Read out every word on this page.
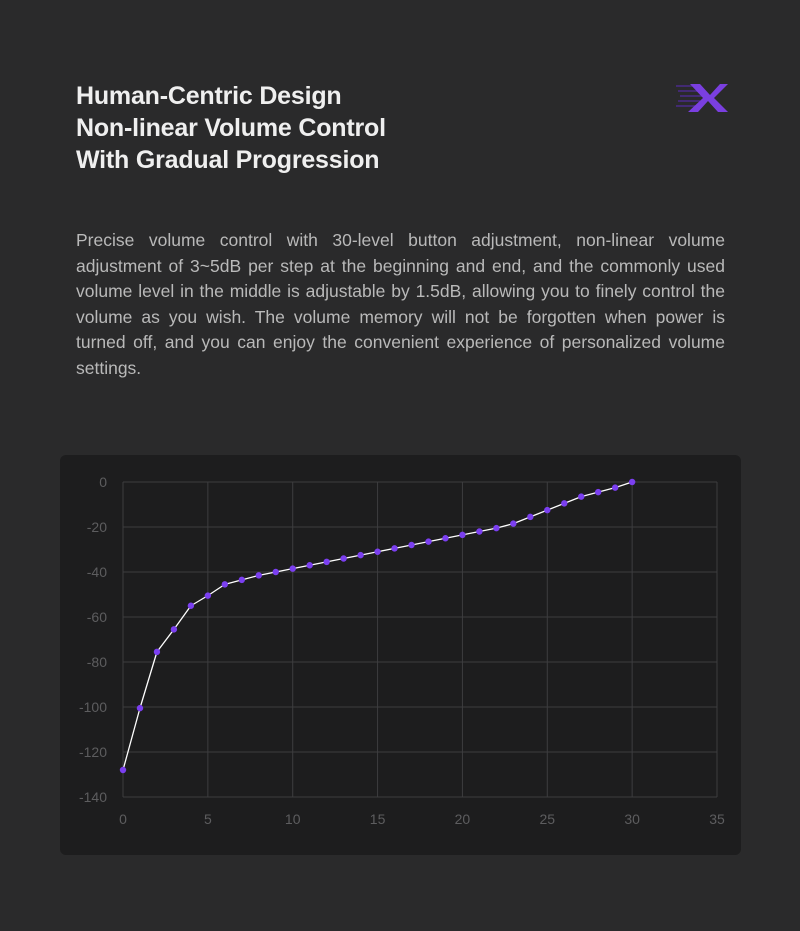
Human-Centric Design
Non-linear Volume Control
With Gradual Progression
Precise volume control with 30-level button adjustment, non-linear volume adjustment of 3~5dB per step at the beginning and end, and the commonly used volume level in the middle is adjustable by 1.5dB, allowing you to finely control the volume as you wish. The volume memory will not be forgotten when power is turned off, and you can enjoy the convenient experience of personalized volume settings.
0	5	10	15	20	25	30	35
0
-20
-40
-60
-80
-100
-120
-140
